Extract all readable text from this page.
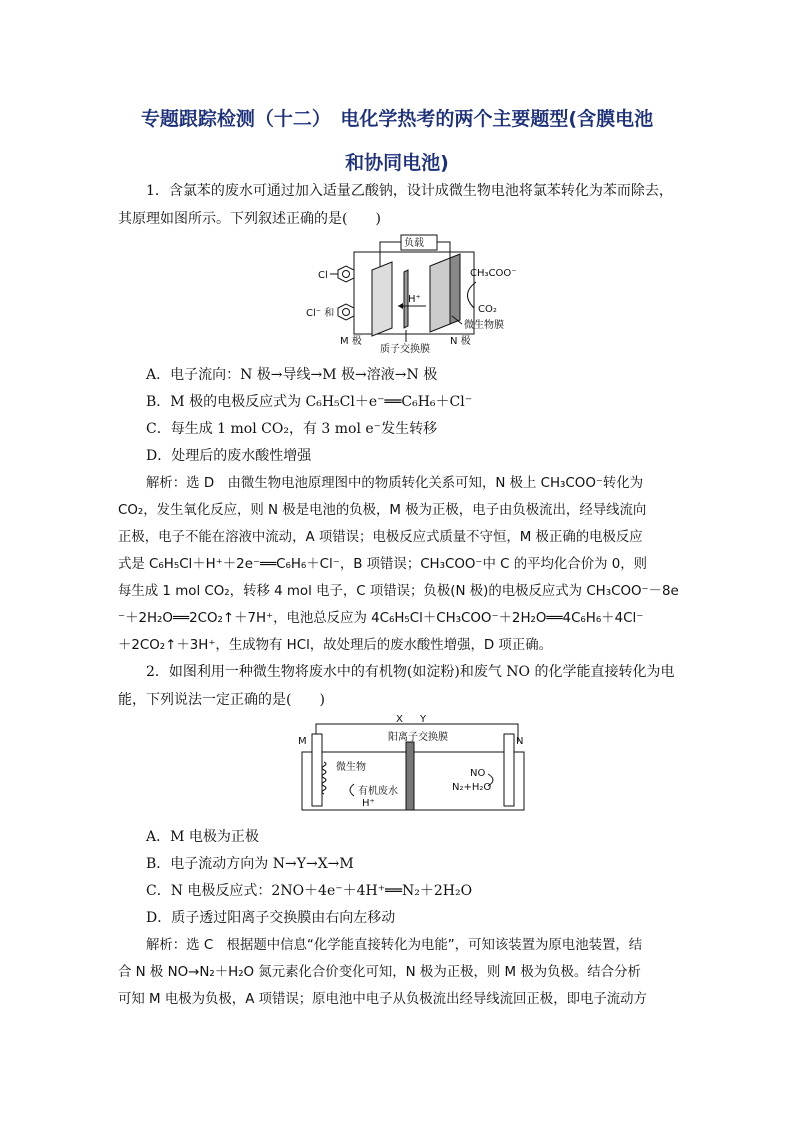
专题跟踪检测（十二）　电化学热考的两个主要题型(含膜电池
和协同电池)
1．含氯苯的废水可通过加入适量乙酸钠，设计成微生物电池将氯苯转化为苯而除去，
其原理如图所示。下列叙述正确的是(　　)
负载
Cl
Cl⁻ 和
H⁺
CH₃COO⁻
CO₂
微生物膜
M 极
质子交换膜
N 极
A．电子流向：N 极→导线→M 极→溶液→N 极
B．M 极的电极反应式为 C₆H₅Cl＋e⁻══C₆H₆＋Cl⁻
C．每生成 1 mol CO₂，有 3 mol e⁻发生转移
D．处理后的废水酸性增强
解析：选 D　由微生物电池原理图中的物质转化关系可知，N 极上 CH₃COO⁻转化为
CO₂，发生氧化反应，则 N 极是电池的负极，M 极为正极，电子由负极流出，经导线流向
正极，电子不能在溶液中流动，A 项错误；电极反应式质量不守恒，M 极正确的电极反应
式是 C₆H₅Cl＋H⁺＋2e⁻══C₆H₆＋Cl⁻，B 项错误；CH₃COO⁻中 C 的平均化合价为 0，则
每生成 1 mol CO₂，转移 4 mol 电子，C 项错误；负极(N 极)的电极反应式为 CH₃COO⁻－8e
⁻＋2H₂O══2CO₂↑＋7H⁺，电池总反应为 4C₆H₅Cl＋CH₃COO⁻＋2H₂O══4C₆H₆＋4Cl⁻
＋2CO₂↑＋3H⁺，生成物有 HCl，故处理后的废水酸性增强，D 项正确。
2．如图利用一种微生物将废水中的有机物(如淀粉)和废气 NO 的化学能直接转化为电
能，下列说法一定正确的是(　　)
X Y
阳离子交换膜
M	N
微生物
有机废水
H⁺
NO
N₂+H₂O
A．M 电极为正极
B．电子流动方向为 N→Y→X→M
C．N 电极反应式：2NO＋4e⁻＋4H⁺══N₂＋2H₂O
D．质子透过阳离子交换膜由右向左移动
解析：选 C　根据题中信息“化学能直接转化为电能”，可知该装置为原电池装置，结
合 N 极 NO→N₂＋H₂O 氮元素化合价变化可知，N 极为正极，则 M 极为负极。结合分析
可知 M 电极为负极，A 项错误；原电池中电子从负极流出经导线流回正极，即电子流动方
